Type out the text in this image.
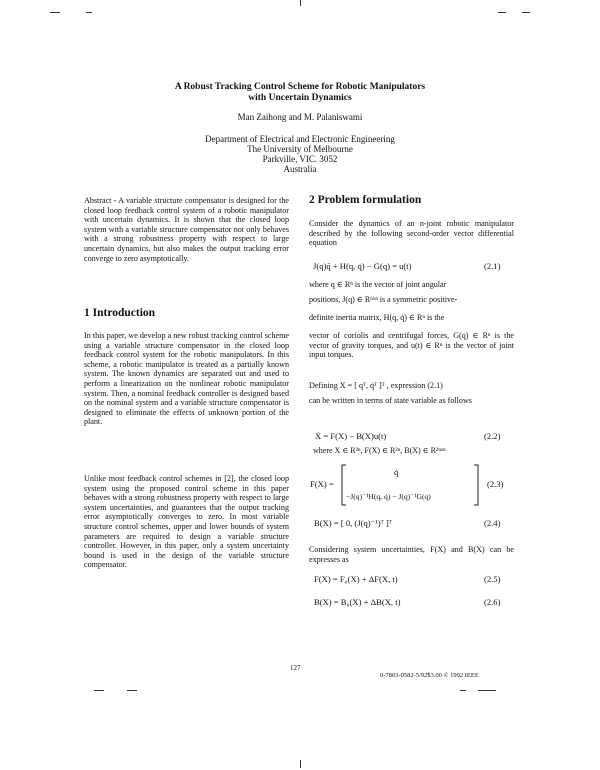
A Robust Tracking Control Scheme for Robotic Manipulators
with Uncertain Dynamics
Man Zaihong and M. Palaniswami
Department of Electrical and Electronic Engineering
The University of Melbourne
Parkville, VIC. 3052
Australia
Abstract - A variable structure compensator is designed for the closed loop feedback control system of a robotic manipulator with uncertain dynamics. It is shown that the closed loop system with a variable structure compensator not only behaves with a strong robustness property with respect to large uncertain dynamics, but also makes the output tracking error converge to zero asymptotically.
1 Introduction
In this paper, we develop a new robust tracking control scheme using a variable structure compensator in the closed loop feedback control system for the robotic manipulators. In this scheme, a robotic manipulator is treated as a partially known system. The known dynamics are separated out and used to perform a linearization on the nonlinear robotic manipulator system. Then, a nominal feedback controller is designed based on the nominal system and a variable structure compensator is designed to eliminate the effects of unknown portion of the plant.
Unlike most feedback control schemes in [2], the closed loop system using the proposed control scheme in this paper behaves with a strong robustness property with respect to large system uncertainties, and guarantees that the output tracking error asymptotically converges to zero. In most variable structure control schemes, upper and lower bounds of system parameters are required to design a variable structure controller. However, in this paper, only a system uncertainty bound is used in the design of the variable structure compensator.
2 Problem formulation
Consider the dynamics of an n-joint robotic manipulator described by the following second-order vector differential equation
J(q)q̈ + H(q, q̇) − G(q) = u(t)	(2.1)
where q ∈ Rⁿ is the vector of joint angular
positions, J(q) ∈ Rⁿˣⁿ is a symmetric positive-
definite inertia matrix, H(q, q̇) ∈ Rⁿ is the
vector of coriolis and centrifugal forces, G(q) ∈ Rⁿ is the vector of gravity torques, and u(t) ∈ Rⁿ is the vector of joint input torques.
Defining X = [ qᵀ, q̇ᵀ ]ᵀ , expression (2.1)
can be written in terms of state variable as follows
Ẋ = F(X) − B(X)u(t)	(2.2)
where X ∈ R²ⁿ, F(X) ∈ R²ⁿ, B(X) ∈ R²ⁿˣⁿ
F(X) =
q̇
−J(q)⁻¹H(q, q̇) − J(q)⁻¹G(q)
(2.3)
B(X) = [ 0, (J(q)⁻¹)ᵀ ]ᵀ	(2.4)
Considering system uncertainties, F(X) and B(X) can be expresses as
F(X) = F₀(X) + ΔF(X, t)	(2.5)
B(X) = B₀(X) + ΔB(X, t)	(2.6)
127
0-7803-0582-5/92$3.00 © 1992 IEEE
